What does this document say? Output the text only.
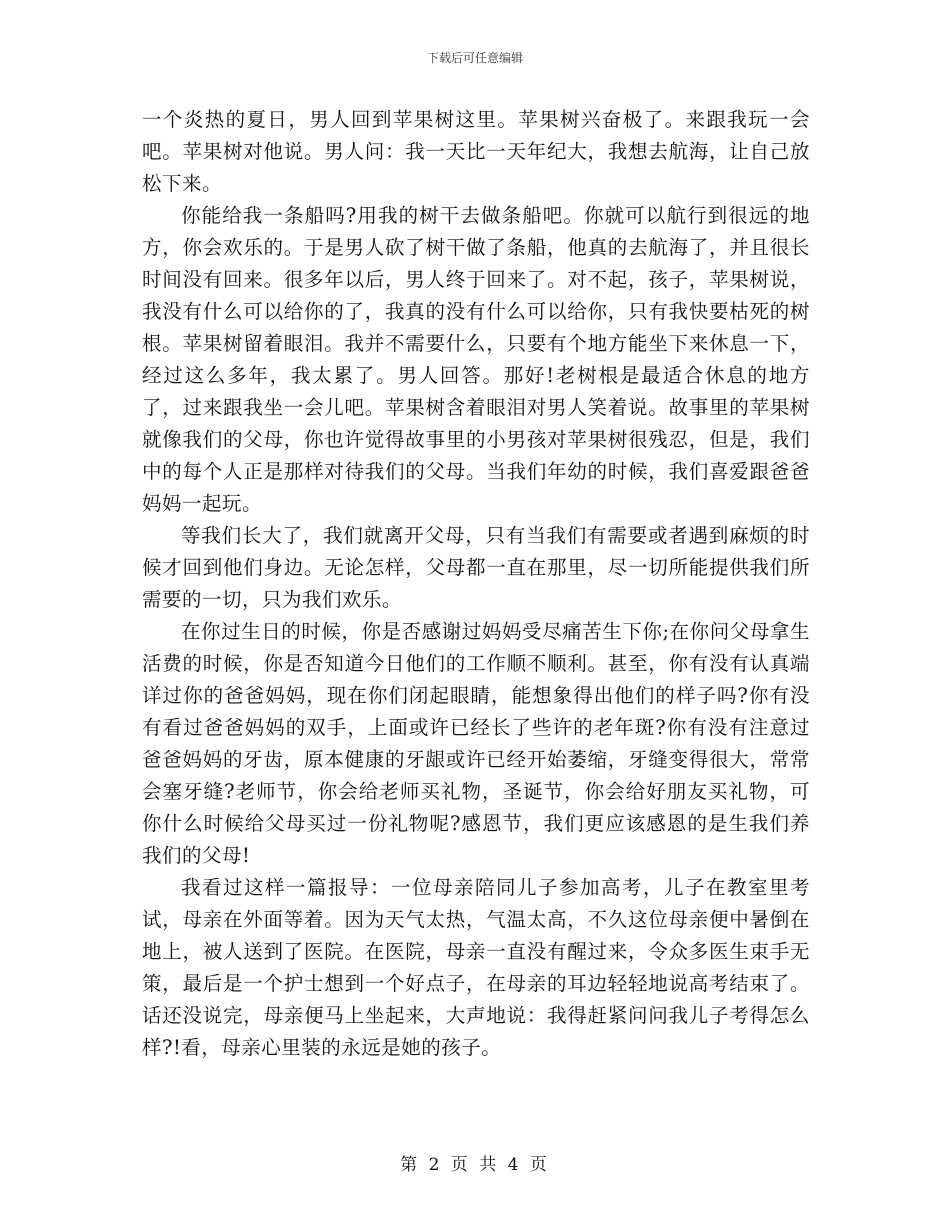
下载后可任意编辑

一个炎热的夏日，男人回到苹果树这里。苹果树兴奋极了。来跟我玩一会吧。苹果树对他说。男人问：我一天比一天年纪大，我想去航海，让自己放松下来。

你能给我一条船吗?用我的树干去做条船吧。你就可以航行到很远的地方，你会欢乐的。于是男人砍了树干做了条船，他真的去航海了，并且很长时间没有回来。很多年以后，男人终于回来了。对不起，孩子，苹果树说，我没有什么可以给你的了，我真的没有什么可以给你，只有我快要枯死的树根。苹果树留着眼泪。我并不需要什么，只要有个地方能坐下来休息一下，经过这么多年，我太累了。男人回答。那好!老树根是最适合休息的地方了，过来跟我坐一会儿吧。苹果树含着眼泪对男人笑着说。故事里的苹果树就像我们的父母，你也许觉得故事里的小男孩对苹果树很残忍，但是，我们中的每个人正是那样对待我们的父母。当我们年幼的时候，我们喜爱跟爸爸妈妈一起玩。

等我们长大了，我们就离开父母，只有当我们有需要或者遇到麻烦的时候才回到他们身边。无论怎样，父母都一直在那里，尽一切所能提供我们所需要的一切，只为我们欢乐。

在你过生日的时候，你是否感谢过妈妈受尽痛苦生下你;在你问父母拿生活费的时候，你是否知道今日他们的工作顺不顺利。甚至，你有没有认真端详过你的爸爸妈妈，现在你们闭起眼睛，能想象得出他们的样子吗?你有没有看过爸爸妈妈的双手，上面或许已经长了些许的老年斑?你有没有注意过爸爸妈妈的牙齿，原本健康的牙龈或许已经开始萎缩，牙缝变得很大，常常会塞牙缝?老师节，你会给老师买礼物，圣诞节，你会给好朋友买礼物，可你什么时候给父母买过一份礼物呢?感恩节，我们更应该感恩的是生我们养我们的父母!

我看过这样一篇报导：一位母亲陪同儿子参加高考，儿子在教室里考试，母亲在外面等着。因为天气太热，气温太高，不久这位母亲便中暑倒在地上，被人送到了医院。在医院，母亲一直没有醒过来，令众多医生束手无策，最后是一个护士想到一个好点子，在母亲的耳边轻轻地说高考结束了。话还没说完，母亲便马上坐起来，大声地说：我得赶紧问问我儿子考得怎么样?!看，母亲心里装的永远是她的孩子。

第 2 页 共 4 页
